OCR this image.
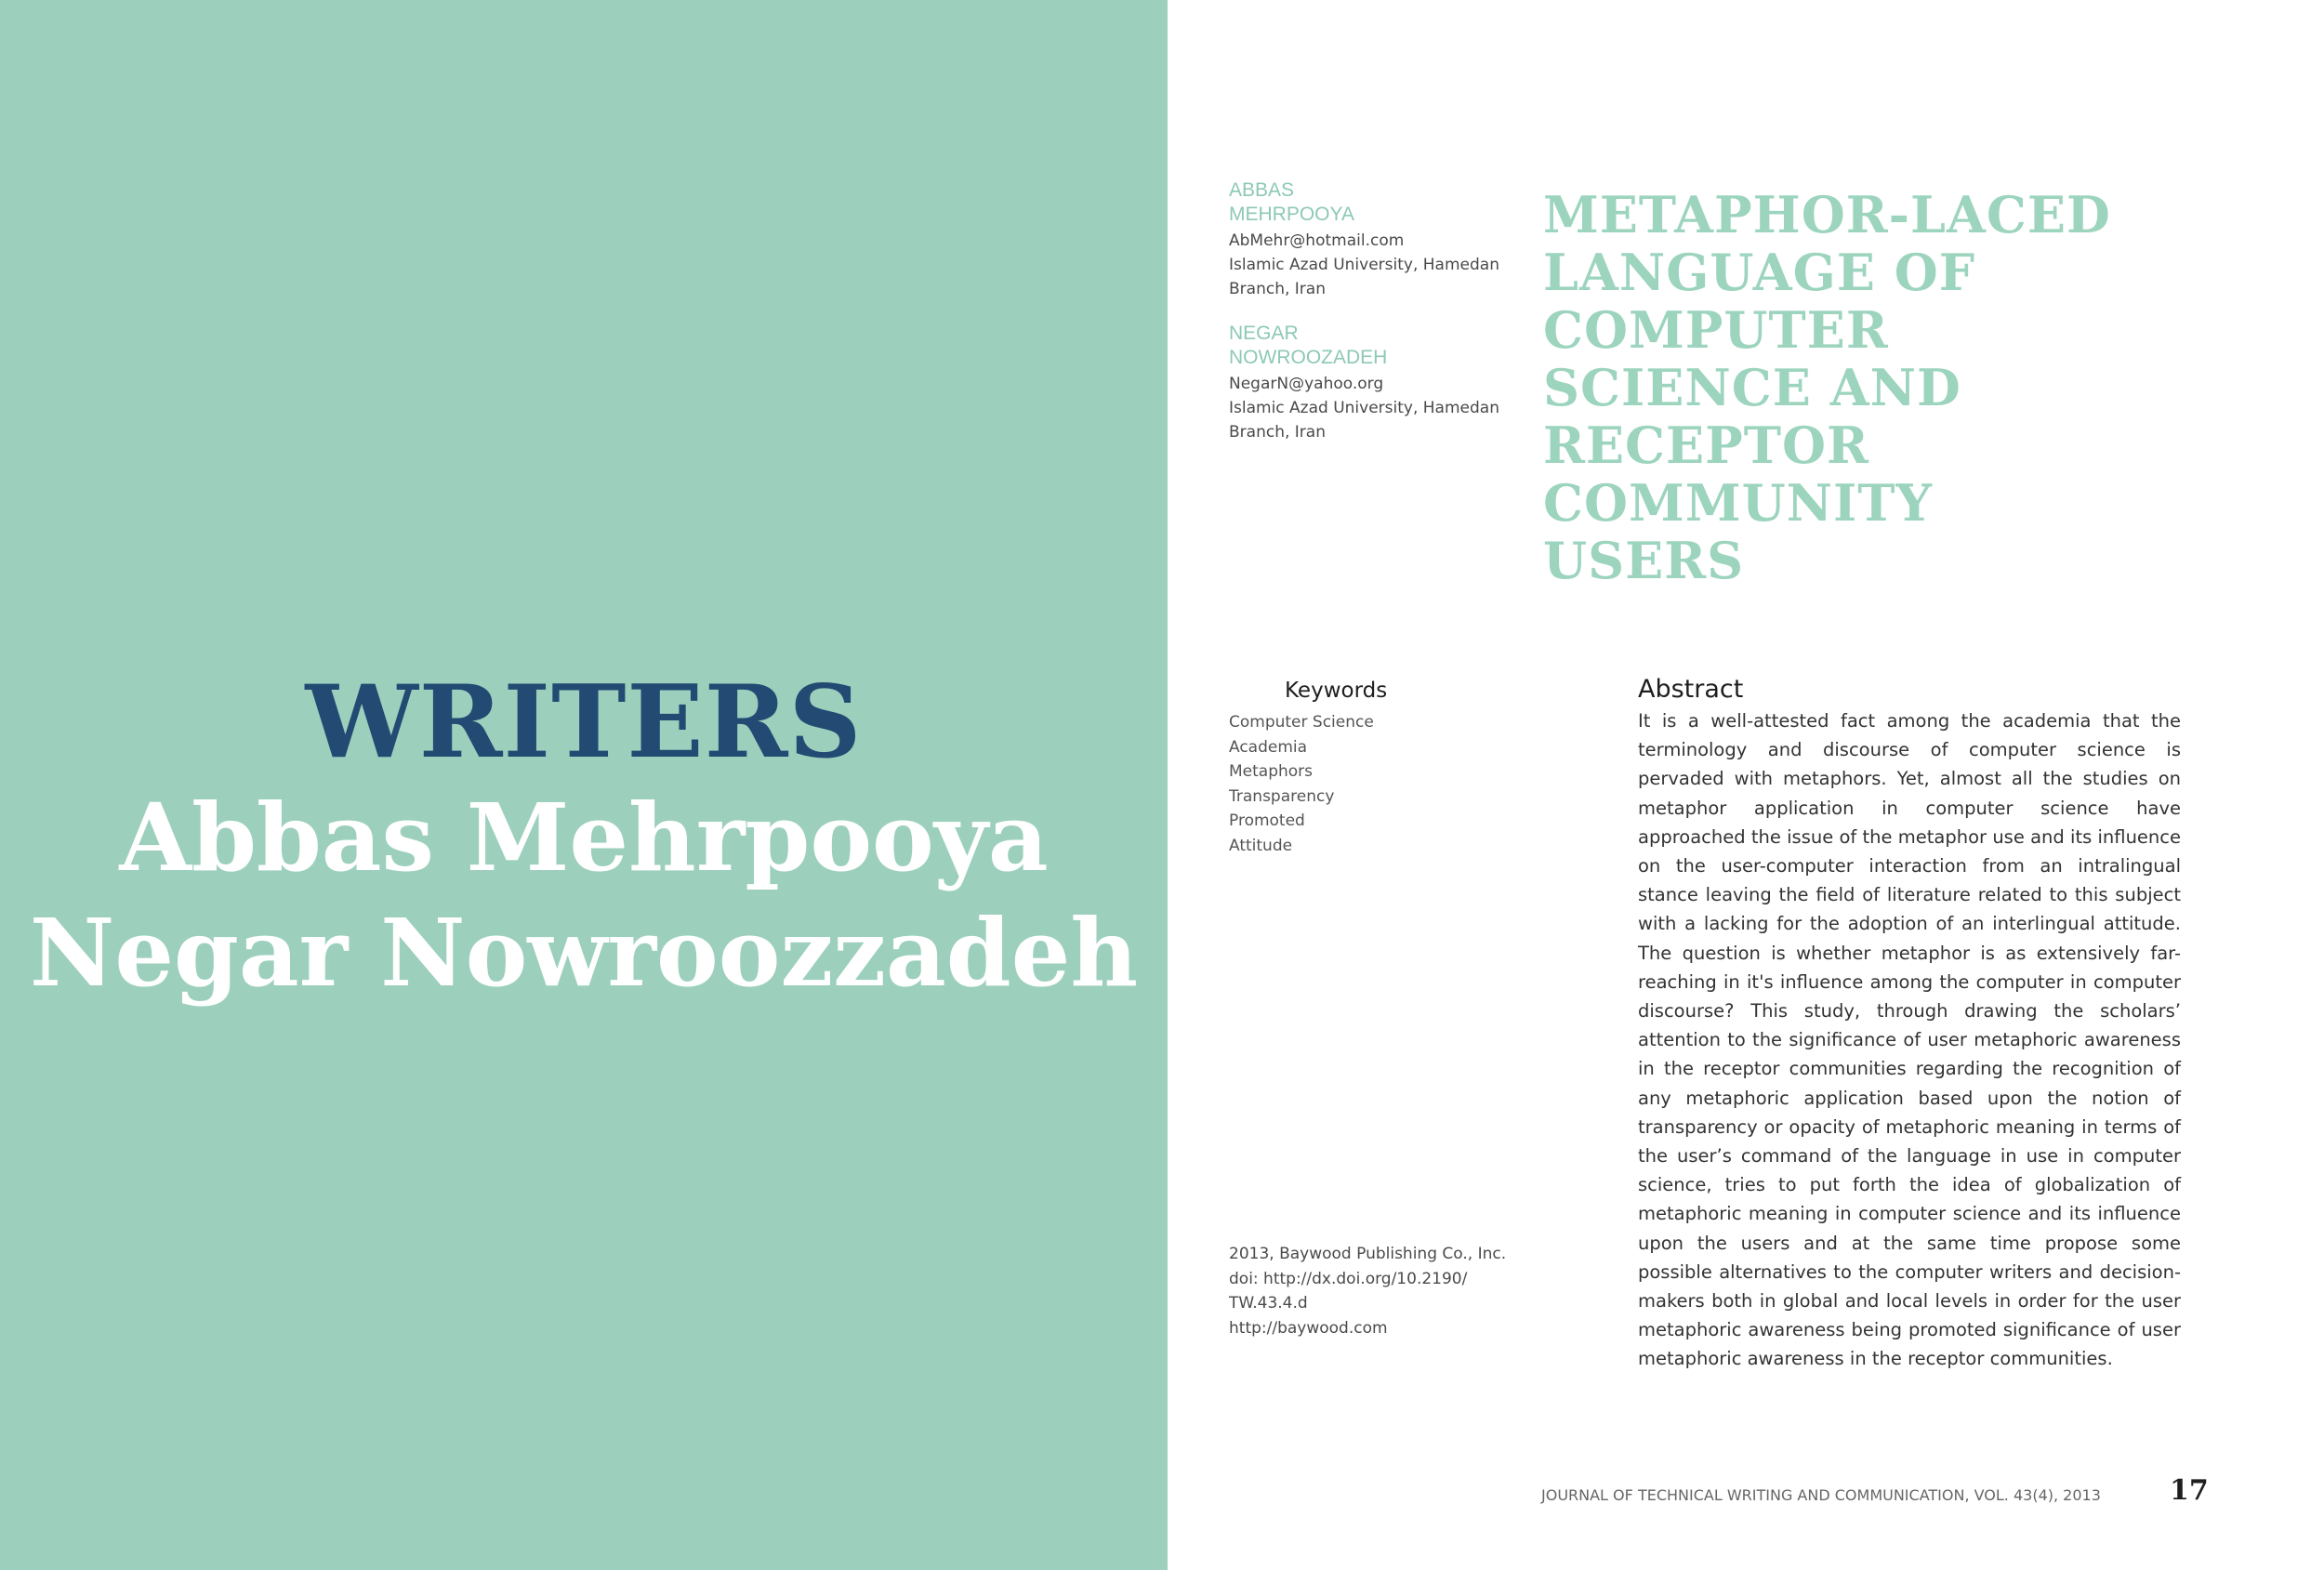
WRITERS
Abbas Mehrpooya
Negar Nowroozzadeh

ABBAS MEHRPOOYA

AbMehr@hotmail.com

Islamic Azad University, Hamedan

Branch, Iran

NEGAR NOWROOZADEH

NegarN@yahoo.org

Islamic Azad University, Hamedan

Branch, Iran

METAPHOR-LACED LANGUAGE OF COMPUTER SCIENCE AND RECEPTOR COMMUNITY USERS
Keywords

Computer Science

Academia

Metaphors

Transparency

Promoted

Attitude

2013, Baywood Publishing Co., Inc.

doi: http://dx.doi.org/10.2190/

TW.43.4.d

http://baywood.com

Abstract

It is a well-attested fact among the academia that the terminology and discourse of computer science is pervaded with metaphors. Yet, almost all the studies on metaphor application in computer science have approached the issue of the metaphor use and its influence on the user-computer interaction from an intralingual stance leaving the field of literature related to this subject with a lacking for the adoption of an interlingual attitude. The question is whether metaphor is as extensively far-reaching in it's influence among the computer in computer discourse? This study, through drawing the scholars’ attention to the significance of user metaphoric awareness in the receptor communities regarding the recognition of any metaphoric application based upon the notion of transparency or opacity of metaphoric meaning in terms of the user’s command of the language in use in computer science, tries to put forth the idea of globalization of metaphoric meaning in computer science and its influence upon the users and at the same time propose some possible alternatives to the computer writers and decision-makers both in global and local levels in order for the user metaphoric awareness being promoted significance of user metaphoric awareness in the receptor communities.

JOURNAL OF TECHNICAL WRITING AND COMMUNICATION, VOL. 43(4), 2013	17
